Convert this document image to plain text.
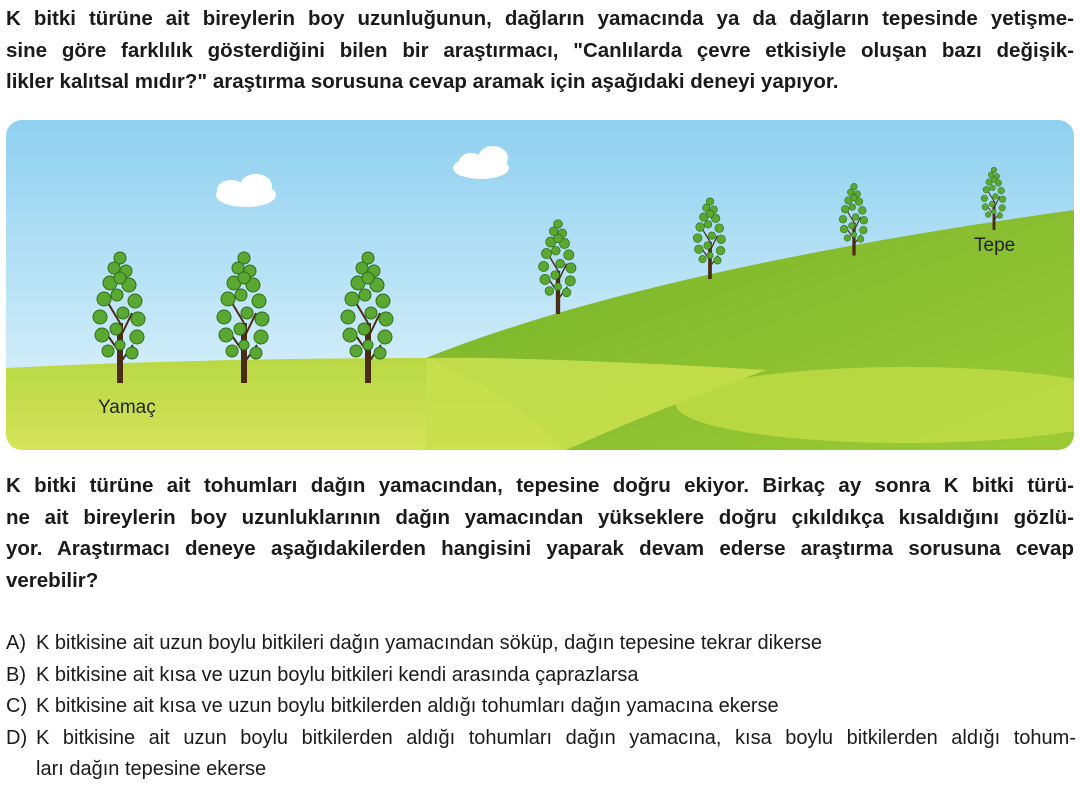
K bitki türüne ait bireylerin boy uzunluğunun, dağların yamacında ya da dağların tepesinde yetişme-
sine göre farklılık gösterdiğini bilen bir araştırmacı, "Canlılarda çevre etkisiyle oluşan bazı değişik-
likler kalıtsal mıdır?" araştırma sorusuna cevap aramak için aşağıdaki deneyi yapıyor.
Yamaç
Tepe
K bitki türüne ait tohumları dağın yamacından, tepesine doğru ekiyor. Birkaç ay sonra K bitki türü-
ne ait bireylerin boy uzunluklarının dağın yamacından yükseklere doğru çıkıldıkça kısaldığını gözlü-
yor. Araştırmacı deneye aşağıdakilerden hangisini yaparak devam ederse araştırma sorusuna cevap
verebilir?
A) K bitkisine ait uzun boylu bitkileri dağın yamacından söküp, dağın tepesine tekrar dikerse
B) K bitkisine ait kısa ve uzun boylu bitkileri kendi arasında çaprazlarsa
C) K bitkisine ait kısa ve uzun boylu bitkilerden aldığı tohumları dağın yamacına ekerse
D) K bitkisine ait uzun boylu bitkilerden aldığı tohumları dağın yamacına, kısa boylu bitkilerden aldığı tohum-
ları dağın tepesine ekerse
